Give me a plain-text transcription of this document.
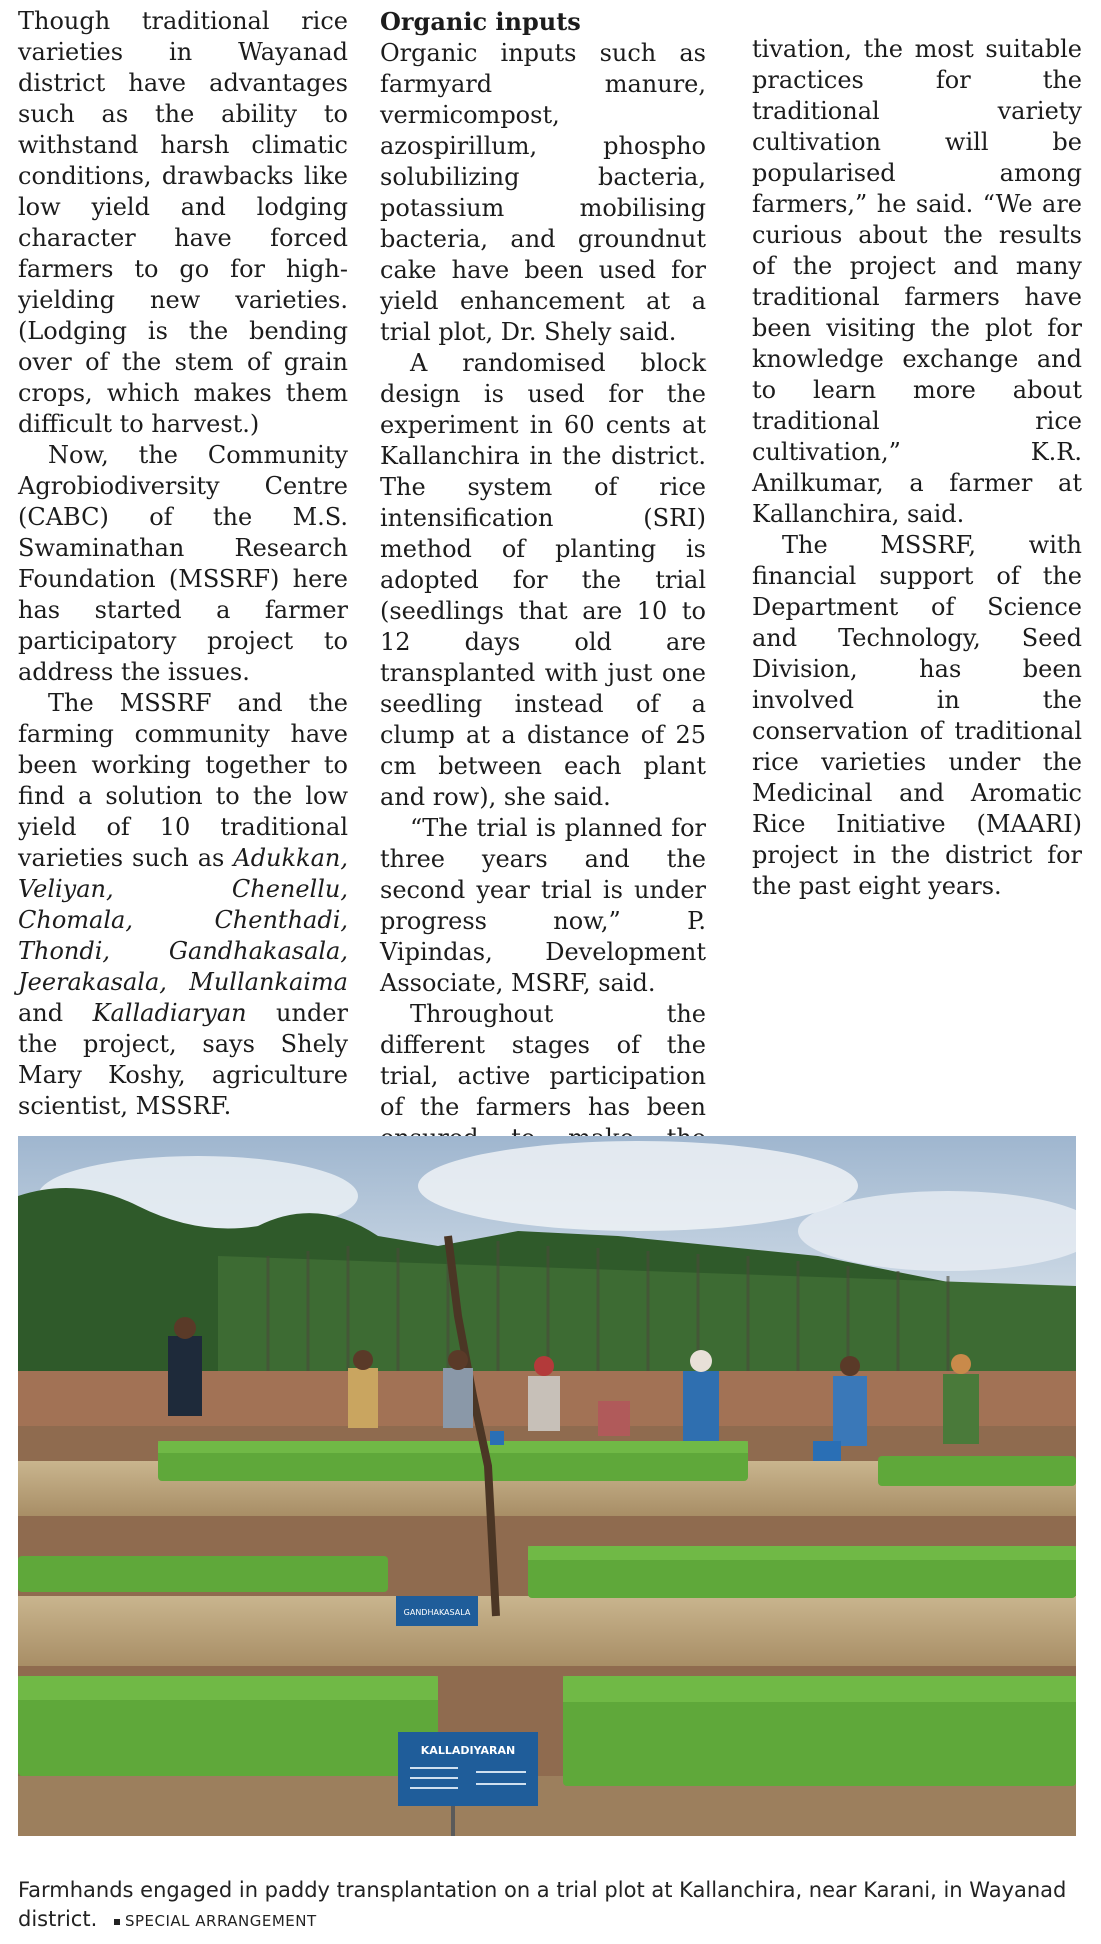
Though traditional rice varieties in Wayanad district have advantages such as the ability to withstand harsh climatic conditions, drawbacks like low yield and lodging character have forced farmers to go for high-yielding new varieties. (Lodging is the bending over of the stem of grain crops, which makes them difficult to harvest.)

Now, the Community Agrobiodiversity Centre (CABC) of the M.S. Swaminathan Research Foundation (MSSRF) here has started a farmer participatory project to address the issues.

The MSSRF and the farming community have been working together to find a solution to the low yield of 10 traditional varieties such as Adukkan, Veliyan, Chenellu, Chomala, Chenthadi, Thondi, Gandhakasala, Jeerakasala, Mullankaima and Kalladiaryan under the project, says Shely Mary Koshy, agriculture scientist, MSSRF.

Organic inputs

Organic inputs such as farmyard manure, vermicompost, azospirillum, phospho solubilizing bacteria, potassium mobilising bacteria, and groundnut cake have been used for yield enhancement at a trial plot, Dr. Shely said.

A randomised block design is used for the experiment in 60 cents at Kallanchira in the district. The system of rice intensification (SRI) method of planting is adopted for the trial (seedlings that are 10 to 12 days old are transplanted with just one seedling instead of a clump at a distance of 25 cm between each plant and row), she said.

“The trial is planned for three years and the second year trial is under progress now,” P. Vipindas, Development Associate, MSRF, said.

Throughout the different stages of the trial, active participation of the farmers has been

tivation, the most suitable practices for the traditional variety cultivation will be popularised among farmers,” he said. “We are curious about the results of the project and many traditional farmers have been visiting the plot for knowledge exchange and to learn more about traditional rice cultivation,” K.R. Anilkumar, a farmer at Kallanchira, said.

The MSSRF, with financial support of the Department of Science and Technology, Seed Division, has been involved in the conservation of traditional rice varieties under the Medicinal and Aromatic Rice Initiative (MAARI) project in the district for the past eight years.

GANDHAKASALA
KALLADIYARAN
Farmhands engaged in paddy transplantation on a trial plot at Kallanchira, near Karani, in Wayanad district. SPECIAL ARRANGEMENT
